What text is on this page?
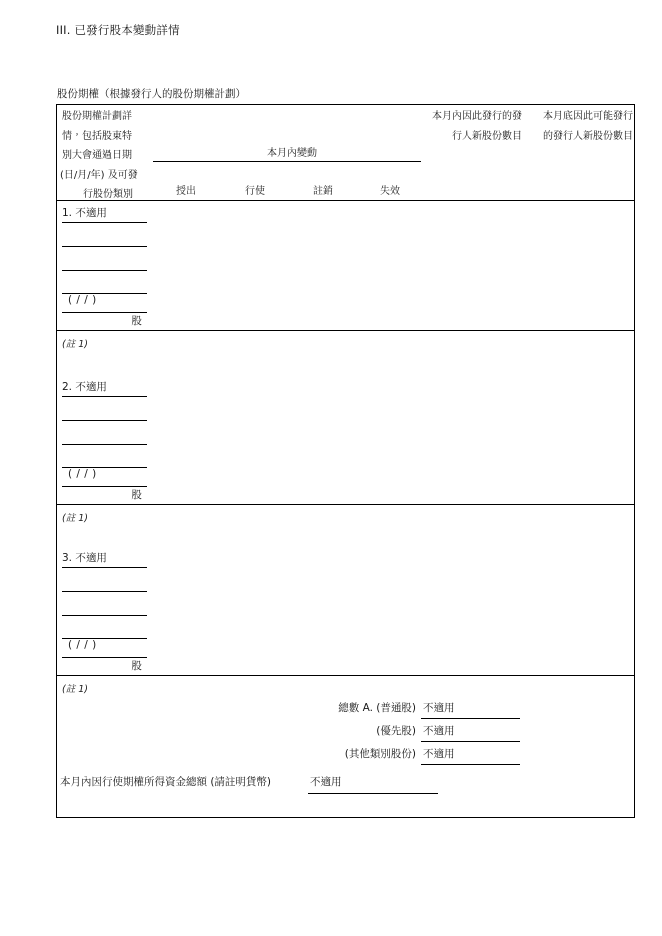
III. 已發行股本變動詳情
股份期權（根據發行人的股份期權計劃）
股份期權計劃詳
情，包括股東特
別大會通過日期
(日/月/年) 及可發
行股份類別
本月內變動
授出	行使	註銷	失效
本月內因此發行的發
行人新股份數目
本月底因此可能發行
的發行人新股份數目
1. 不適用
( / / )
股
(註 1)
2. 不適用
( / / )
股
(註 1)
3. 不適用
( / / )
股
(註 1)
總數 A. (普通股) 不適用
(優先股) 不適用
(其他類別股份) 不適用
本月內因行使期權所得資金總額 (請註明貨幣)	不適用
